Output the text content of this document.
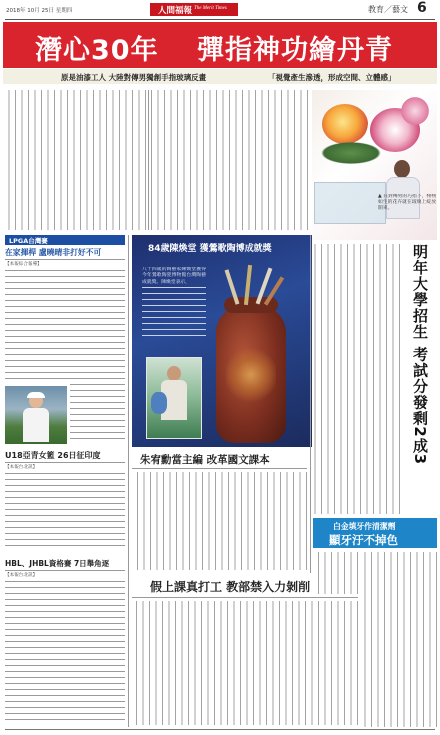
2018年 10月 25日 星期四	人間福報 The Merit Times	教育／藝文 6
潛心30年 彈指神功繪丹青
原是油漆工人 大陸對傳男獨創手指玻璃反畫	「視覺產生滲透，形成空間、立體感」
▲ 在對傳男的巧指下，栩栩如生的花卉就在玻璃上綻放開來。
LPGA台灣賽
在家揮桿 盧曉晴非打好不可
【本報綜合報導】
U18亞青女籃 26日征印度
【本報台北訊】
HBL、JHBL資格賽 7日舉角逐
【本報台北訊】
84歲陳煥堂 獲鶯歌陶博成就獎
八十四歲的陶藝家陳煥堂獲得今年鶯歌陶瓷博物館台灣陶藝成就獎。陳煥堂表示，
朱宥勳當主編 改革國文課本
假上課真打工 教部禁入力剝削
明年大學招生 考試分發剩2成3
白金填牙作清潔劑
顯牙汙不掉色
